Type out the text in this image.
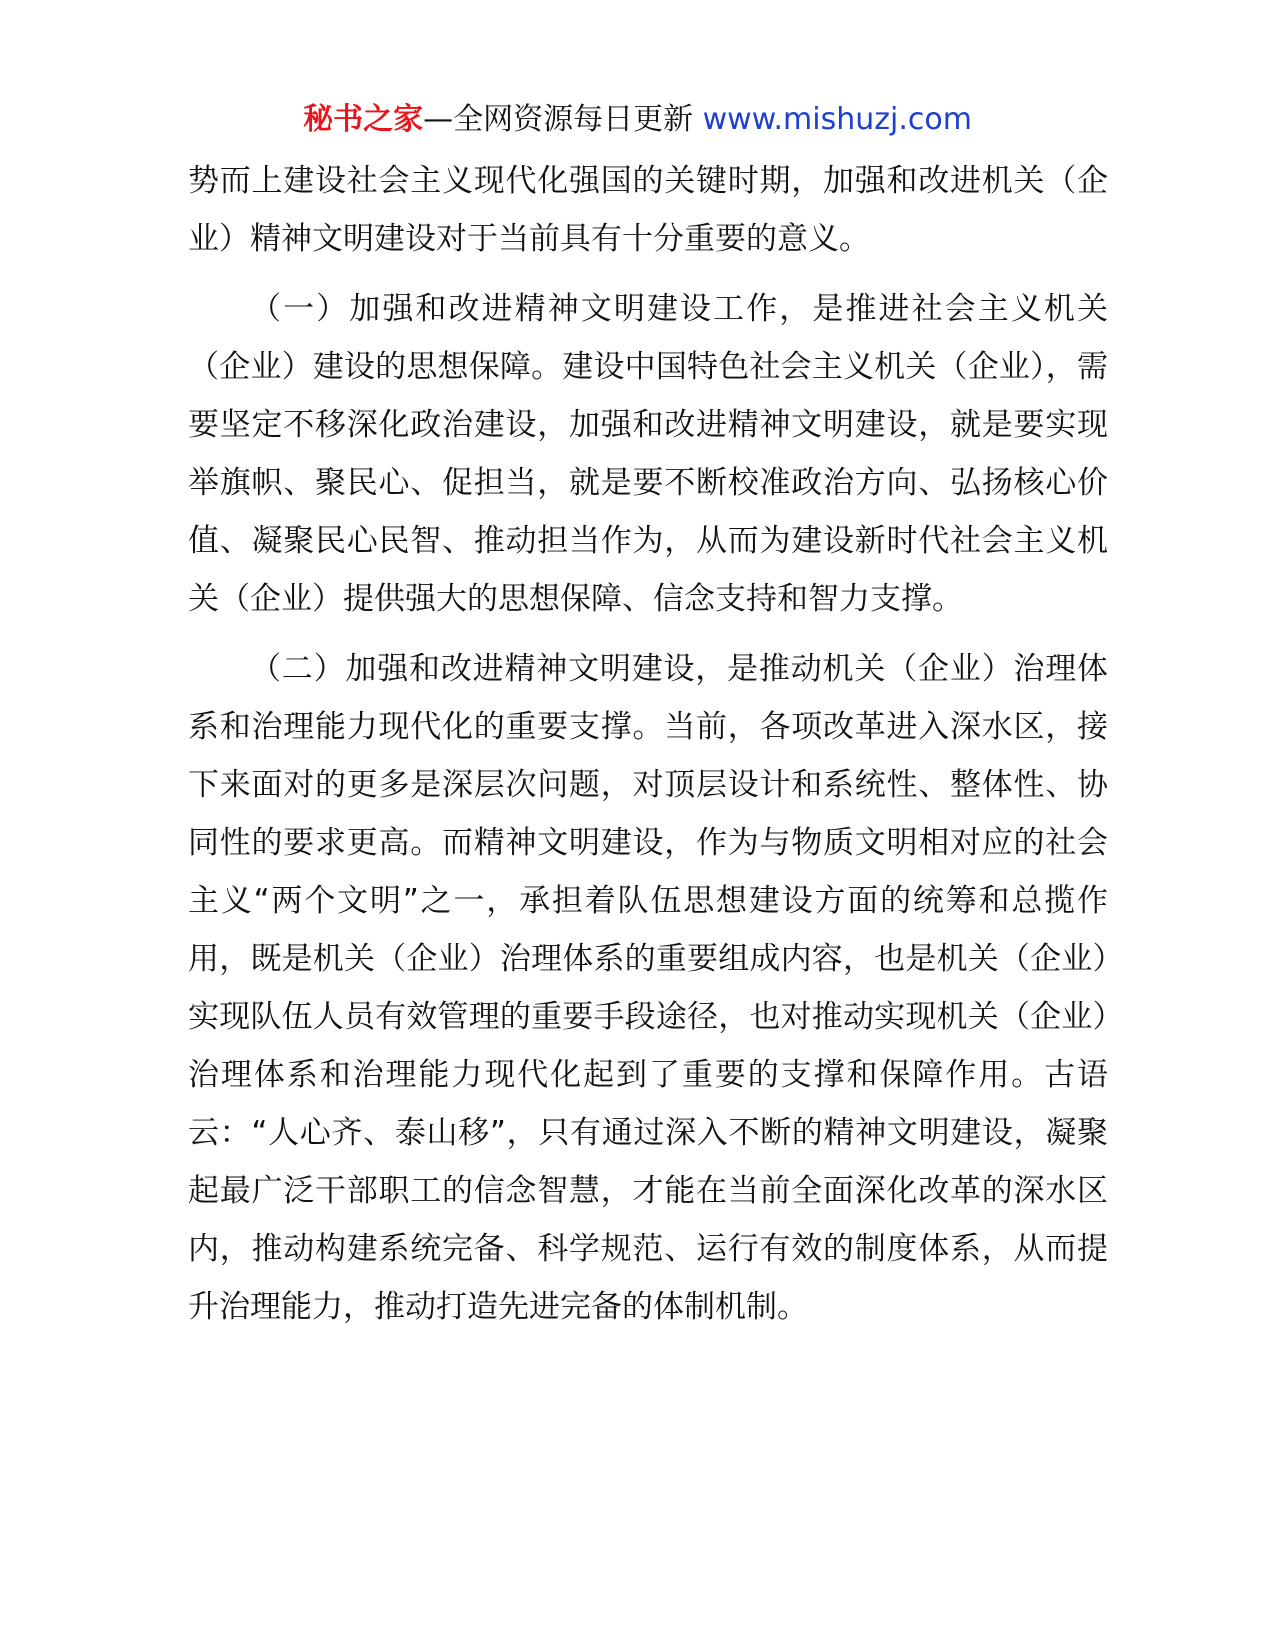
秘书之家—全网资源每日更新 www.mishuzj.com

势而上建设社会主义现代化强国的关键时期，加强和改进机关（企业）精神文明建设对于当前具有十分重要的意义。

（一）加强和改进精神文明建设工作，是推进社会主义机关（企业）建设的思想保障。建设中国特色社会主义机关（企业），需要坚定不移深化政治建设，加强和改进精神文明建设，就是要实现举旗帜、聚民心、促担当，就是要不断校准政治方向、弘扬核心价值、凝聚民心民智、推动担当作为，从而为建设新时代社会主义机关（企业）提供强大的思想保障、信念支持和智力支撑。

（二）加强和改进精神文明建设，是推动机关（企业）治理体系和治理能力现代化的重要支撑。当前，各项改革进入深水区，接下来面对的更多是深层次问题，对顶层设计和系统性、整体性、协同性的要求更高。而精神文明建设，作为与物质文明相对应的社会主义“两个文明”之一，承担着队伍思想建设方面的统筹和总揽作用，既是机关（企业）治理体系的重要组成内容，也是机关（企业）实现队伍人员有效管理的重要手段途径，也对推动实现机关（企业）治理体系和治理能力现代化起到了重要的支撑和保障作用。古语云：“人心齐、泰山移”，只有通过深入不断的精神文明建设，凝聚起最广泛干部职工的信念智慧，才能在当前全面深化改革的深水区内，推动构建系统完备、科学规范、运行有效的制度体系，从而提升治理能力，推动打造先进完备的体制机制。
